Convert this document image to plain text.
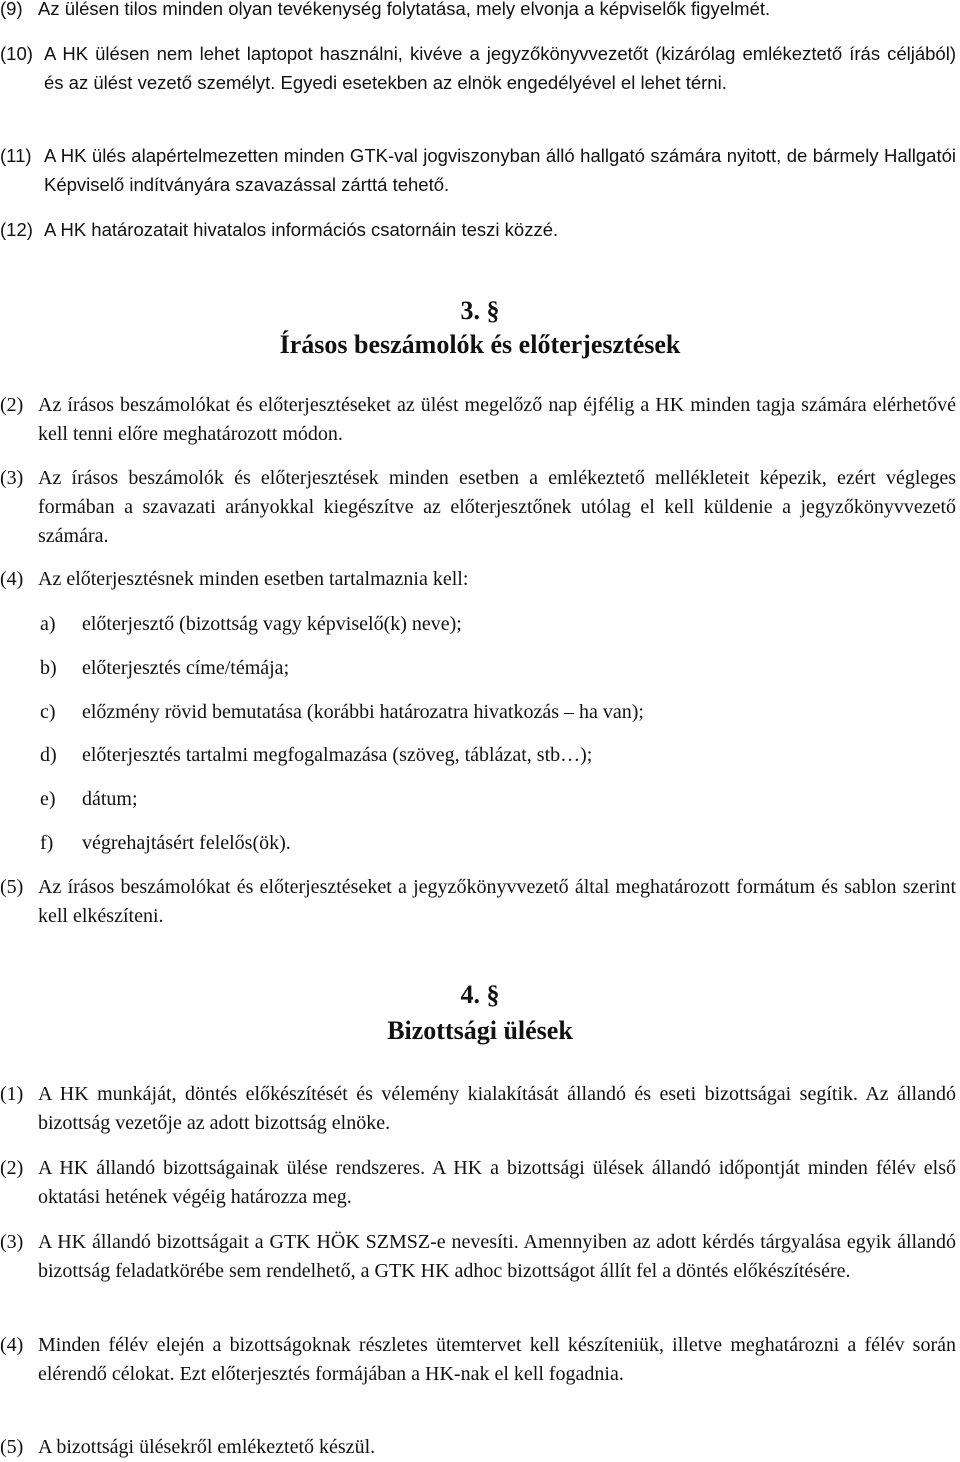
(9) Az ülésen tilos minden olyan tevékenység folytatása, mely elvonja a képviselők figyelmét.
(10) A HK ülésen nem lehet laptopot használni, kivéve a jegyzőkönyvvezetőt (kizárólag emlékeztető írás céljából) és az ülést vezető személyt. Egyedi esetekben az elnök engedélyével el lehet térni.
(11) A HK ülés alapértelmezetten minden GTK-val jogviszonyban álló hallgató számára nyitott, de bármely Hallgatói Képviselő indítványára szavazással zárttá tehető.
(12) A HK határozatait hivatalos információs csatornáin teszi közzé.
3. §
Írásos beszámolók és előterjesztések
(2) Az írásos beszámolókat és előterjesztéseket az ülést megelőző nap éjfélig a HK minden tagja számára elérhetővé kell tenni előre meghatározott módon.
(3) Az írásos beszámolók és előterjesztések minden esetben a emlékeztető mellékleteit képezik, ezért végleges formában a szavazati arányokkal kiegészítve az előterjesztőnek utólag el kell küldenie a jegyzőkönyvvezető számára.
(4) Az előterjesztésnek minden esetben tartalmaznia kell:
a) előterjesztő (bizottság vagy képviselő(k) neve);
b) előterjesztés címe/témája;
c) előzmény rövid bemutatása (korábbi határozatra hivatkozás – ha van);
d) előterjesztés tartalmi megfogalmazása (szöveg, táblázat, stb…);
e) dátum;
f) végrehajtásért felelős(ök).
(5) Az írásos beszámolókat és előterjesztéseket a jegyzőkönyvvezető által meghatározott formátum és sablon szerint kell elkészíteni.
4. §
Bizottsági ülések
(1) A HK munkáját, döntés előkészítését és vélemény kialakítását állandó és eseti bizottságai segítik. Az állandó bizottság vezetője az adott bizottság elnöke.
(2) A HK állandó bizottságainak ülése rendszeres. A HK a bizottsági ülések állandó időpontját minden félév első oktatási hetének végéig határozza meg.
(3) A HK állandó bizottságait a GTK HÖK SZMSZ-e nevesíti. Amennyiben az adott kérdés tárgyalása egyik állandó bizottság feladatkörébe sem rendelhető, a GTK HK adhoc bizottságot állít fel a döntés előkészítésére.
(4) Minden félév elején a bizottságoknak részletes ütemtervet kell készíteniük, illetve meghatározni a félév során elérendő célokat. Ezt előterjesztés formájában a HK-nak el kell fogadnia.
(5) A bizottsági ülésekről emlékeztető készül.
